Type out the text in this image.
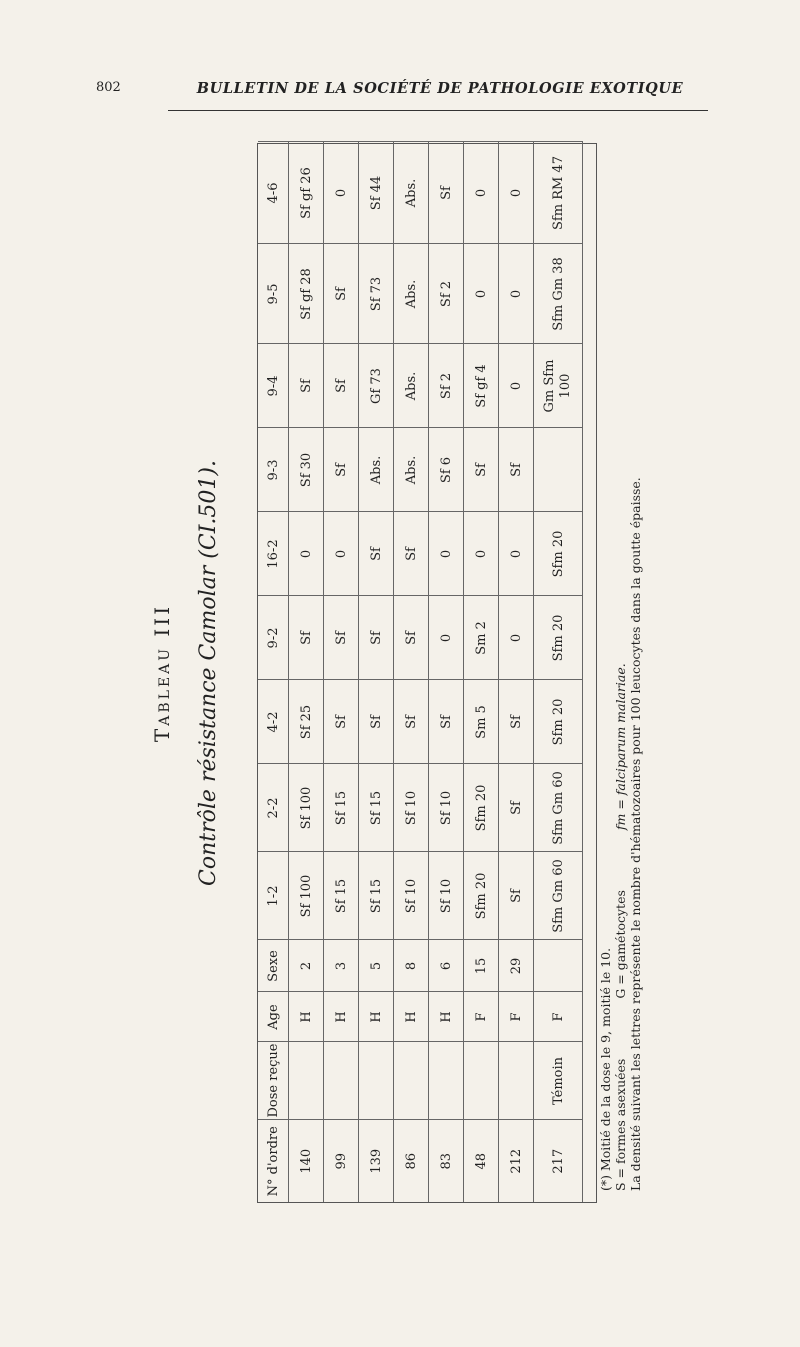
802	BULLETIN DE LA SOCIÉTÉ DE PATHOLOGIE EXOTIQUE
Tableau III Contrôle résistance Camolar (CI.501).
N° d'ordre	Dose reçue	Age	Sexe	1-2	2-2	4-2	9-2	16-2	9-3	9-4	9-5	4-6
140		H	2	Sf 100	Sf 100	Sf 25	Sf	0	Sf 30	Sf	Sf gf 28	Sf gf 26
99		H	3	Sf 15	Sf 15	Sf	Sf	0	Sf	Sf	Sf	0
139		H	5	Sf 15	Sf 15	Sf	Sf	Sf	Abs.	Gf 73	Sf 73	Sf 44
86		H	8	Sf 10	Sf 10	Sf	Sf	Sf	Abs.	Abs.	Abs.	Abs.
83		H	6	Sf 10	Sf 10	Sf	0	0	Sf 6	Sf 2	Sf 2	Sf
48		F	15	Sfm 20	Sfm 20	Sm 5	Sm 2	0	Sf	Sf gf 4	0	0
212		F	29	Sf	Sf	Sf	0	0	Sf	0	0	0
217	Témoin	F		Sfm Gm 60	Sfm Gm 60	Sfm 20	Sfm 20	Sfm 20		Gm Sfm 100	Sfm Gm 38	Sfm RM 47
(*) Moitié de la dose le 9, moitié le 10. S = formes asexuées
G = gamétocytes
fm = falciparum malariae. La densité suivant les lettres représente le nombre d'hématozoaires pour 100 leucocytes dans la goutte épaisse.
